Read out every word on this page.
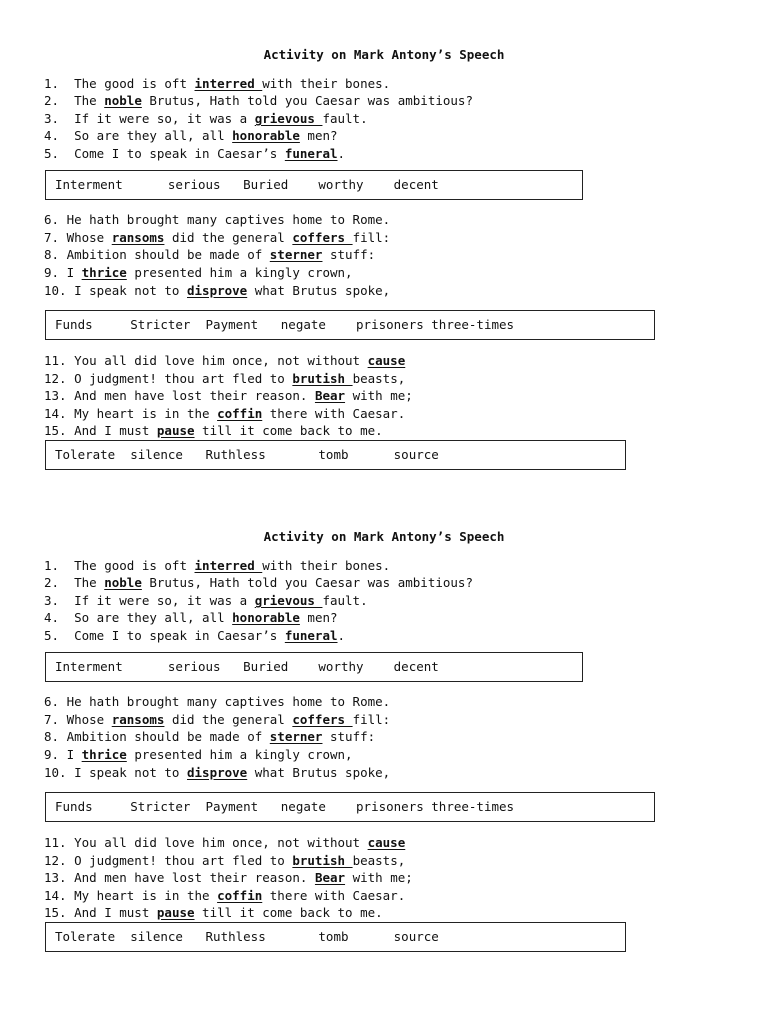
Activity on Mark Antony’s Speech
1.  The good is oft interred with their bones.
2.  The noble Brutus, Hath told you Caesar was ambitious?
3.  If it were so, it was a grievous fault.
4.  So are they all, all honorable men?
5.  Come I to speak in Caesar’s funeral.
Interment      serious   Buried    worthy    decent
6. He hath brought many captives home to Rome.
7. Whose ransoms did the general coffers fill:
8. Ambition should be made of sterner stuff:
9. I thrice presented him a kingly crown,
10. I speak not to disprove what Brutus spoke,
Funds     Stricter  Payment   negate    prisoners three-times
11. You all did love him once, not without cause
12. O judgment! thou art fled to brutish beasts,
13. And men have lost their reason. Bear with me;
14. My heart is in the coffin there with Caesar.
15. And I must pause till it come back to me.
Tolerate  silence   Ruthless       tomb      source
Activity on Mark Antony’s Speech
1.  The good is oft interred with their bones.
2.  The noble Brutus, Hath told you Caesar was ambitious?
3.  If it were so, it was a grievous fault.
4.  So are they all, all honorable men?
5.  Come I to speak in Caesar’s funeral.
Interment      serious   Buried    worthy    decent
6. He hath brought many captives home to Rome.
7. Whose ransoms did the general coffers fill:
8. Ambition should be made of sterner stuff:
9. I thrice presented him a kingly crown,
10. I speak not to disprove what Brutus spoke,
Funds     Stricter  Payment   negate    prisoners three-times
11. You all did love him once, not without cause
12. O judgment! thou art fled to brutish beasts,
13. And men have lost their reason. Bear with me;
14. My heart is in the coffin there with Caesar.
15. And I must pause till it come back to me.
Tolerate  silence   Ruthless       tomb      source
